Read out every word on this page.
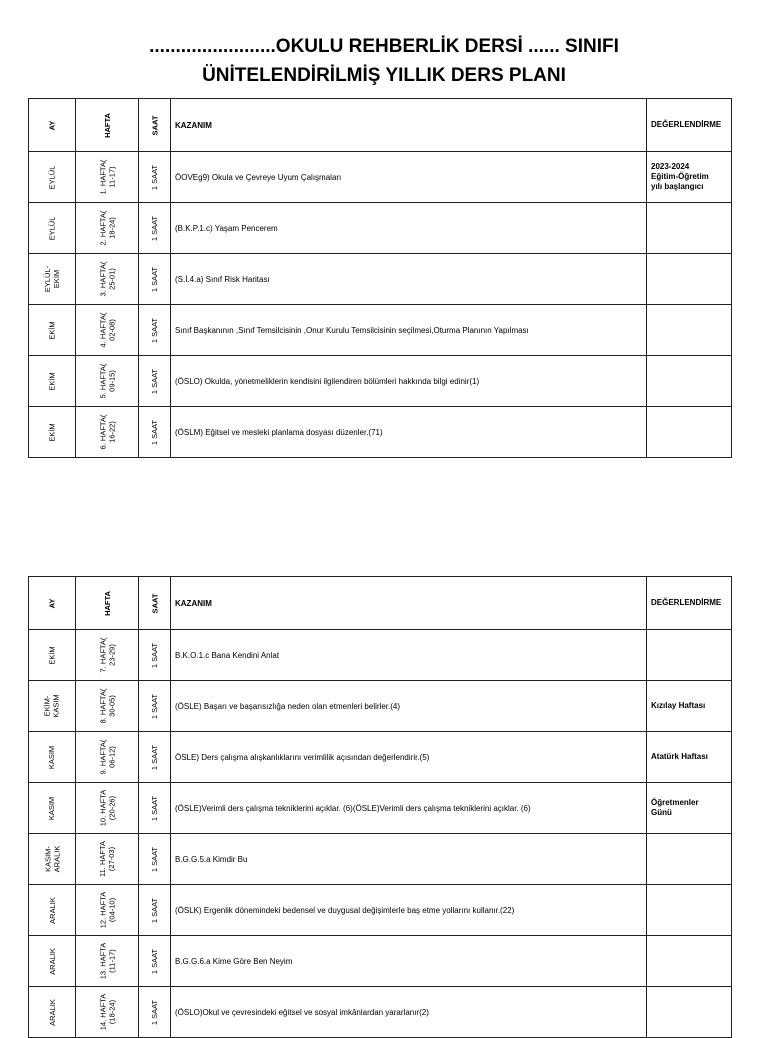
........................OKULU REHBERLİK DERSİ ...... SINIFI
ÜNİTELENDİRİLMİŞ YILLIK DERS PLANI
AY	HAFTA	SAAT	KAZANIM	DEĞERLENDİRME

EYLÜL	1. HAFTA(
11-17)	1 SAAT	ÖOVEg9) Okula ve Çevreye Uyum Çalışmaları	2023-2024
Eğitim-Öğretim
yılı başlangıcı

EYLÜL	2. HAFTA(
18-24)	1 SAAT	(B.K.P.1.c) Yaşam Pencerem	

EYLÜL-
EKİM	3. HAFTA(
25-01)	1 SAAT	(S.İ.4.a) Sınıf Risk Haritası	

EKİM	4. HAFTA(
02-08)	1 SAAT	Sınıf Başkanının ,Sınıf Temsilcisinin ,Onur Kurulu Temsilcisinin seçilmesi,Oturma Planının Yapılması	

EKİM	5. HAFTA(
09-15)	1 SAAT	(ÖSLO) Okulda, yönetmeliklerin kendisini ilgilendiren bölümleri hakkında bilgi edinir(1)	

EKİM	6. HAFTA(
16-22)	1 SAAT	(ÖSLM) Eğitsel ve mesleki planlama dosyası düzenler.(71)	
AY	HAFTA	SAAT	KAZANIM	DEĞERLENDİRME

EKİM	7. HAFTA(
23-29)	1 SAAT	B.K.O.1.c Bana Kendini Anlat	

EKİM-
KASIM	8. HAFTA(
30-05)	1 SAAT	(ÖSLE) Başarı ve başarısızlığa neden olan etmenleri belirler.(4)	Kızılay Haftası

KASIM	9. HAFTA(
06-12)	1 SAAT	ÖSLE) Ders çalışma alışkanlıklarını verimlilik açısından değerlendirir.(5)	Atatürk Haftası

KASIM	10. HAFTA
(20-26)	1 SAAT	(ÖSLE)Verimli ders çalışma tekniklerini açıklar. (6)(ÖSLE)Verimli ders çalışma tekniklerini açıklar. (6)	Öğretmenler
Günü

KASIM-
ARALIK	11. HAFTA
(27-03)	1 SAAT	B.G.G.5.a Kimdir Bu	

ARALIK	12. HAFTA
(04-10)	1 SAAT	(ÖSLK) Ergenlik dönemindeki bedensel ve duygusal değişimlerle baş etme yollarını kullanır.(22)	

ARALIK	13. HAFTA
(11-17)	1 SAAT	B.G.G.6.a Kime Göre Ben Neyim	

ARALIK	14. HAFTA
(18-24)	1 SAAT	(ÖSLO)Okul ve çevresindeki eğitsel ve sosyal imkânlardan yararlanır(2)	
